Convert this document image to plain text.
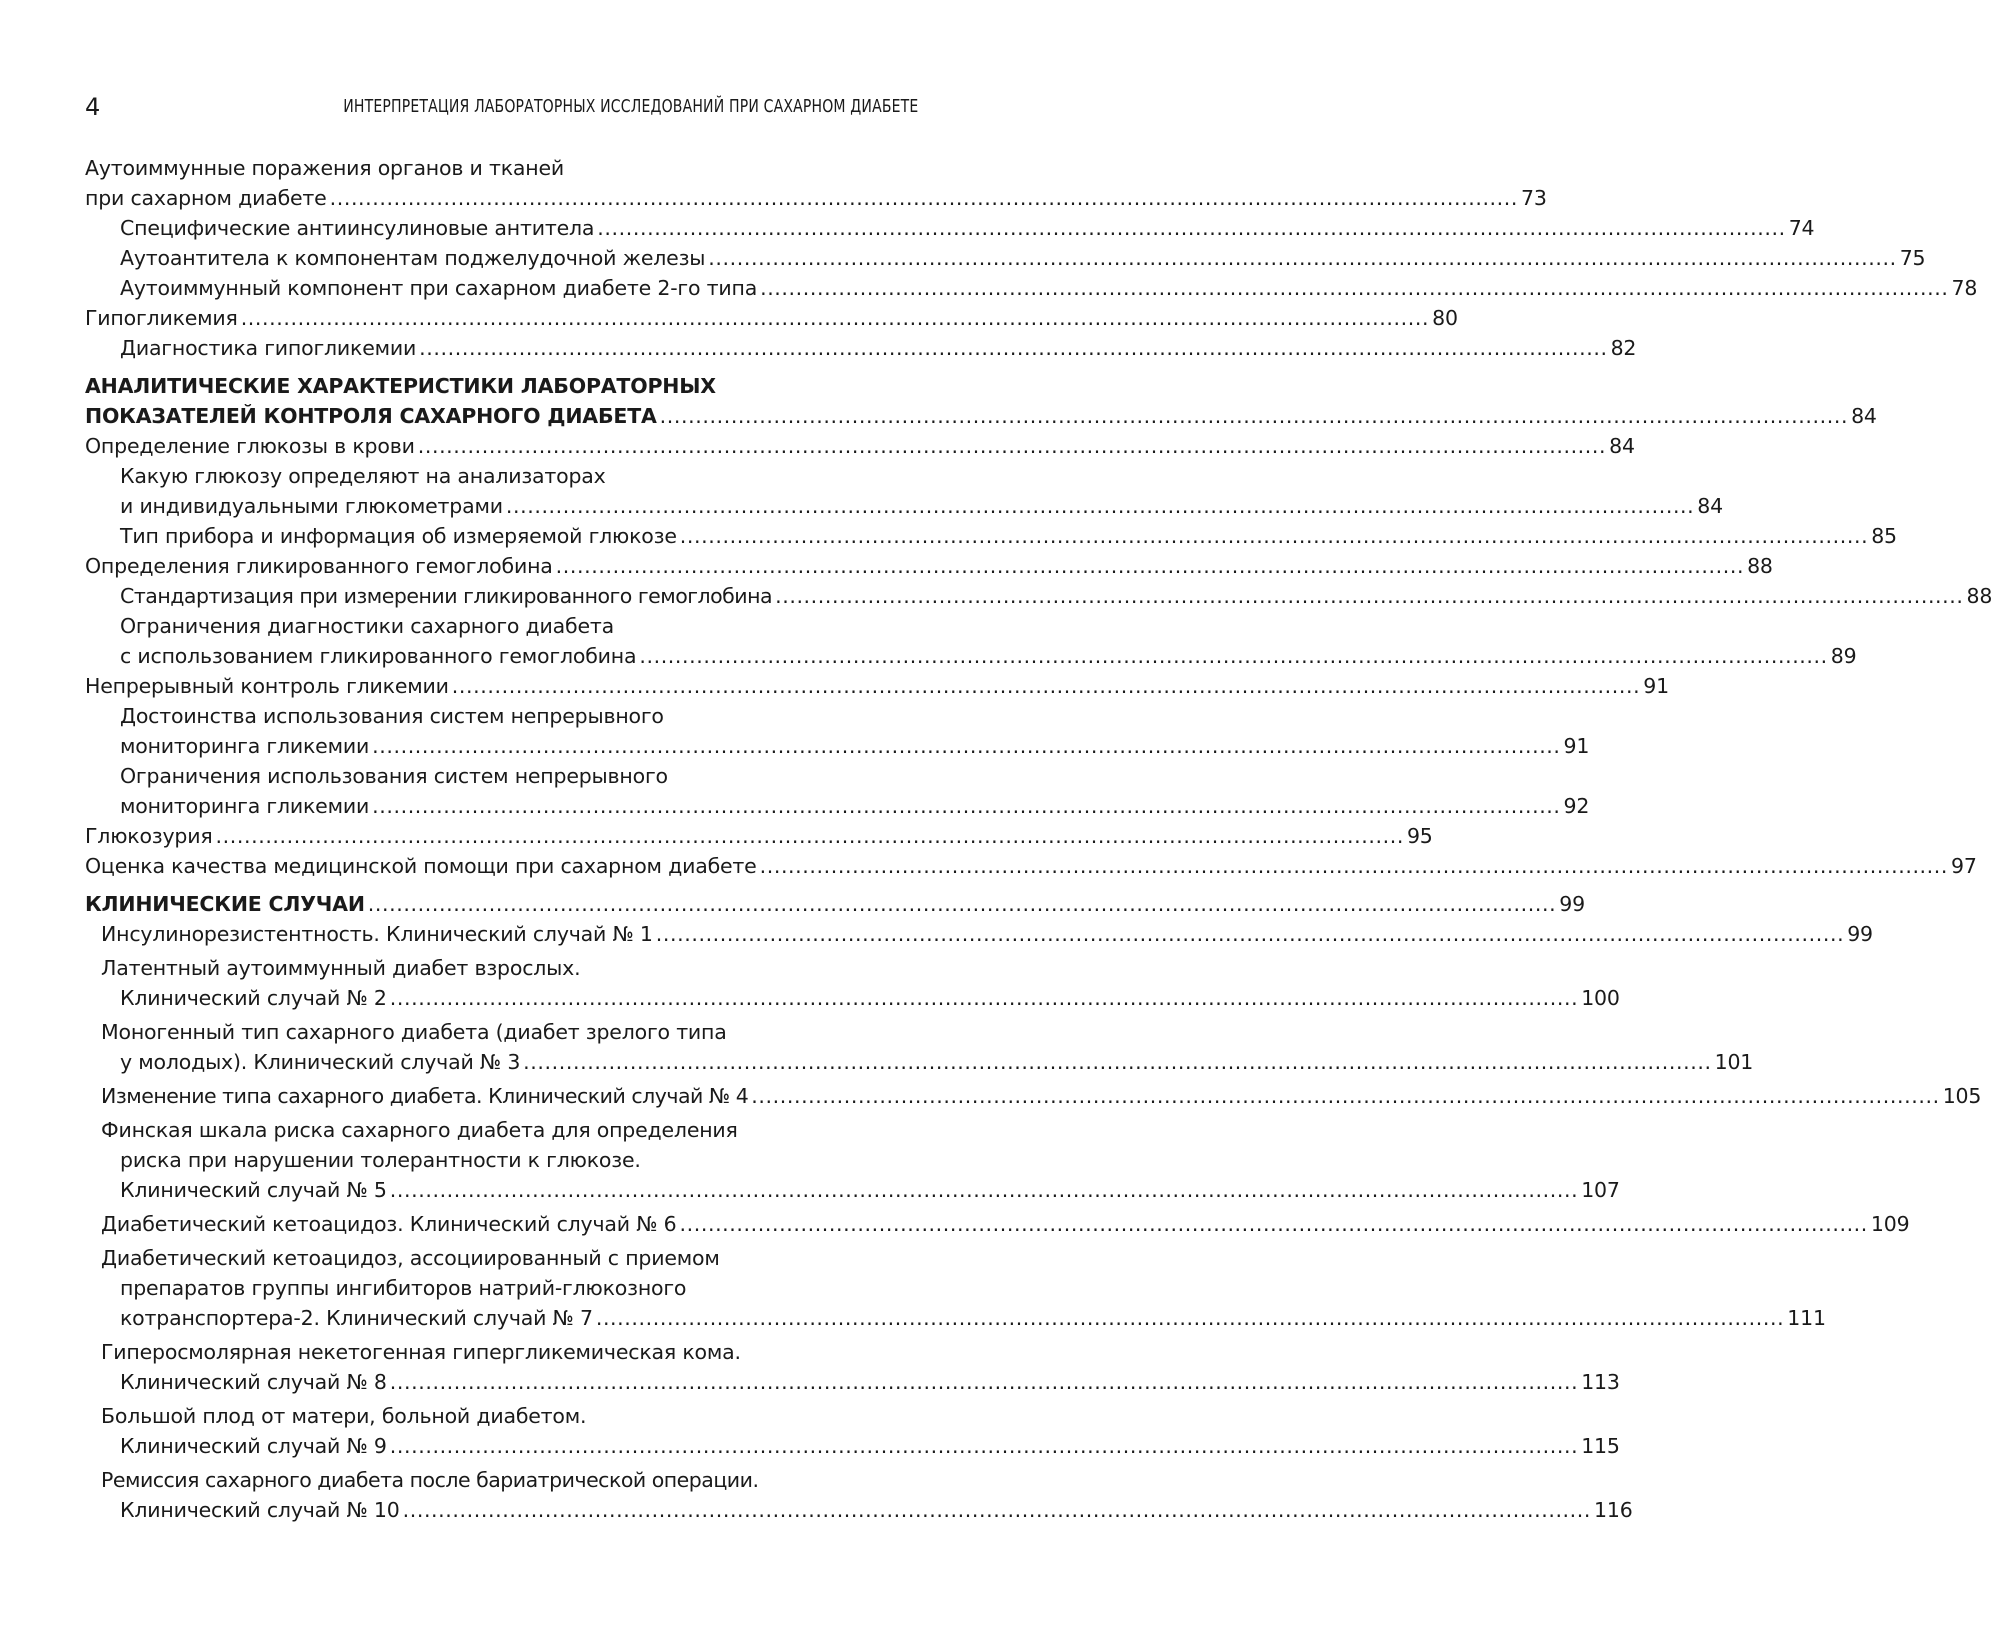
4	ИНТЕРПРЕТАЦИЯ ЛАБОРАТОРНЫХ ИССЛЕДОВАНИЙ ПРИ САХАРНОМ ДИАБЕТЕ
Аутоиммунные поражения органов и тканей
при сахарном диабете ....................................................................................................................................................................... 73
Специфические антиинсулиновые антитела ....................................................................................................................................................................... 74
Аутоантитела к компонентам поджелудочной железы ....................................................................................................................................................................... 75
Аутоиммунный компонент при сахарном диабете 2-го типа ....................................................................................................................................................................... 78
Гипогликемия ....................................................................................................................................................................... 80
Диагностика гипогликемии ....................................................................................................................................................................... 82
АНАЛИТИЧЕСКИЕ ХАРАКТЕРИСТИКИ ЛАБОРАТОРНЫХ
ПОКАЗАТЕЛЕЙ КОНТРОЛЯ САХАРНОГО ДИАБЕТА ....................................................................................................................................................................... 84
Определение глюкозы в крови ....................................................................................................................................................................... 84
Какую глюкозу определяют на анализаторах
и индивидуальными глюкометрами ....................................................................................................................................................................... 84
Тип прибора и информация об измеряемой глюкозе ....................................................................................................................................................................... 85
Определения гликированного гемоглобина ....................................................................................................................................................................... 88
Стандартизация при измерении гликированного гемоглобина ....................................................................................................................................................................... 88
Ограничения диагностики сахарного диабета
с использованием гликированного гемоглобина ....................................................................................................................................................................... 89
Непрерывный контроль гликемии ....................................................................................................................................................................... 91
Достоинства использования систем непрерывного
мониторинга гликемии ....................................................................................................................................................................... 91
Ограничения использования систем непрерывного
мониторинга гликемии ....................................................................................................................................................................... 92
Глюкозурия ....................................................................................................................................................................... 95
Оценка качества медицинской помощи при сахарном диабете ....................................................................................................................................................................... 97
КЛИНИЧЕСКИЕ СЛУЧАИ ....................................................................................................................................................................... 99
Инсулинорезистентность. Клинический случай № 1 ....................................................................................................................................................................... 99
Латентный аутоиммунный диабет взрослых.
Клинический случай № 2 ....................................................................................................................................................................... 100
Моногенный тип сахарного диабета (диабет зрелого типа
у молодых). Клинический случай № 3 ....................................................................................................................................................................... 101
Изменение типа сахарного диабета. Клинический случай № 4 ....................................................................................................................................................................... 105
Финская шкала риска сахарного диабета для определения
риска при нарушении толерантности к глюкозе.
Клинический случай № 5 ....................................................................................................................................................................... 107
Диабетический кетоацидоз. Клинический случай № 6 ....................................................................................................................................................................... 109
Диабетический кетоацидоз, ассоциированный с приемом
препаратов группы ингибиторов натрий-глюкозного
котранспортера-2. Клинический случай № 7 ....................................................................................................................................................................... 111
Гиперосмолярная некетогенная гипергликемическая кома.
Клинический случай № 8 ....................................................................................................................................................................... 113
Большой плод от матери, больной диабетом.
Клинический случай № 9 ....................................................................................................................................................................... 115
Ремиссия сахарного диабета после бариатрической операции.
Клинический случай № 10 ....................................................................................................................................................................... 116
